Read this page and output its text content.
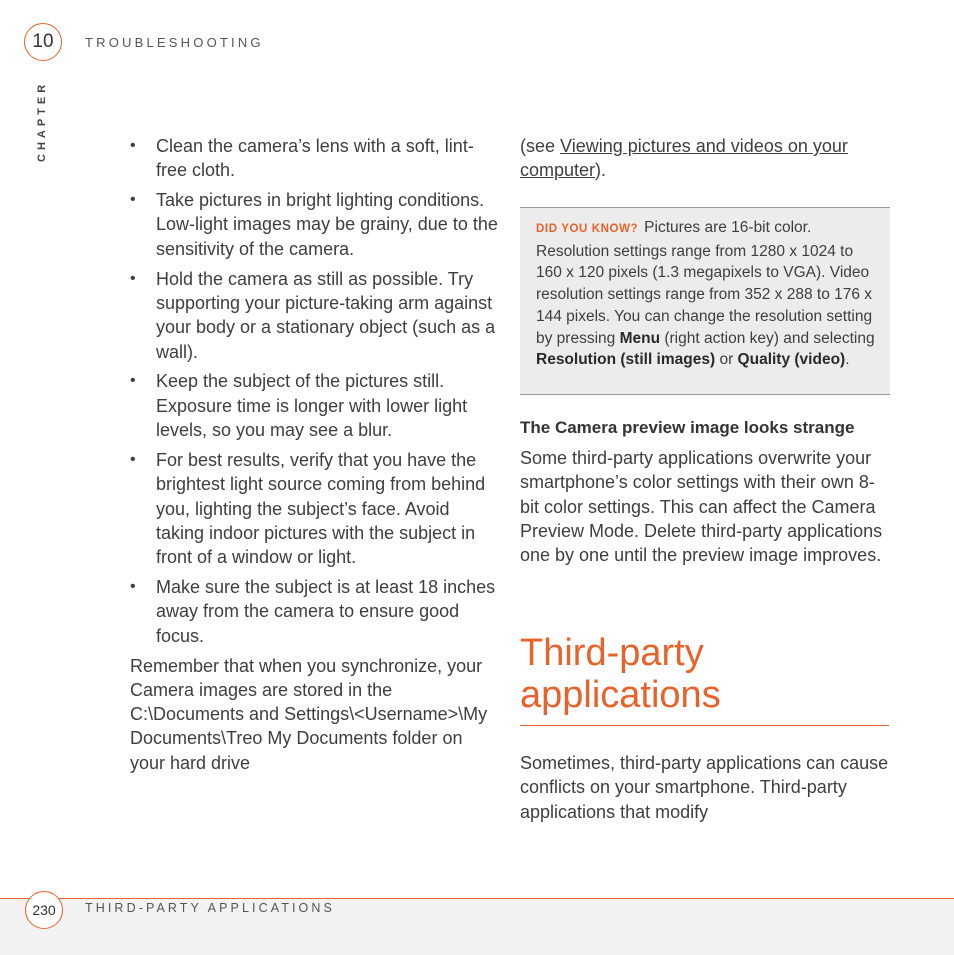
10 TROUBLESHOOTING
CHAPTER
•	Clean the camera’s lens with a soft, lint-free cloth.
• Take pictures in bright lighting conditions. Low-light images may be grainy, due to the sensitivity of the camera.
• Hold the camera as still as possible. Try supporting your picture-taking arm against your body or a stationary object (such as a wall).
• Keep the subject of the pictures still. Exposure time is longer with lower light levels, so you may see a blur.
• For best results, verify that you have the brightest light source coming from behind you, lighting the subject’s face. Avoid taking indoor pictures with the subject in front of a window or light.
• Make sure the subject is at least 18 inches away from the camera to ensure good focus.

Remember that when you synchronize, your Camera images are stored in the C:\Documents and Settings\<Username>\My Documents\Treo My Documents folder on your hard drive

(see Viewing pictures and videos on your computer).

DID YOU KNOW? Pictures are 16-bit color. Resolution settings range from 1280 x 1024 to 160 x 120 pixels (1.3 megapixels to VGA). Video resolution settings range from 352 x 288 to 176 x 144 pixels. You can change the resolution setting by pressing Menu (right action key) and selecting Resolution (still images) or Quality (video).
The Camera preview image looks strange

Some third-party applications overwrite your smartphone’s color settings with their own 8-bit color settings. This can affect the Camera Preview Mode. Delete third-party applications one by one until the preview image improves.

Third-party applications

Sometimes, third-party applications can cause conflicts on your smartphone. Third-party applications that modify

230 THIRD-PARTY APPLICATIONS
